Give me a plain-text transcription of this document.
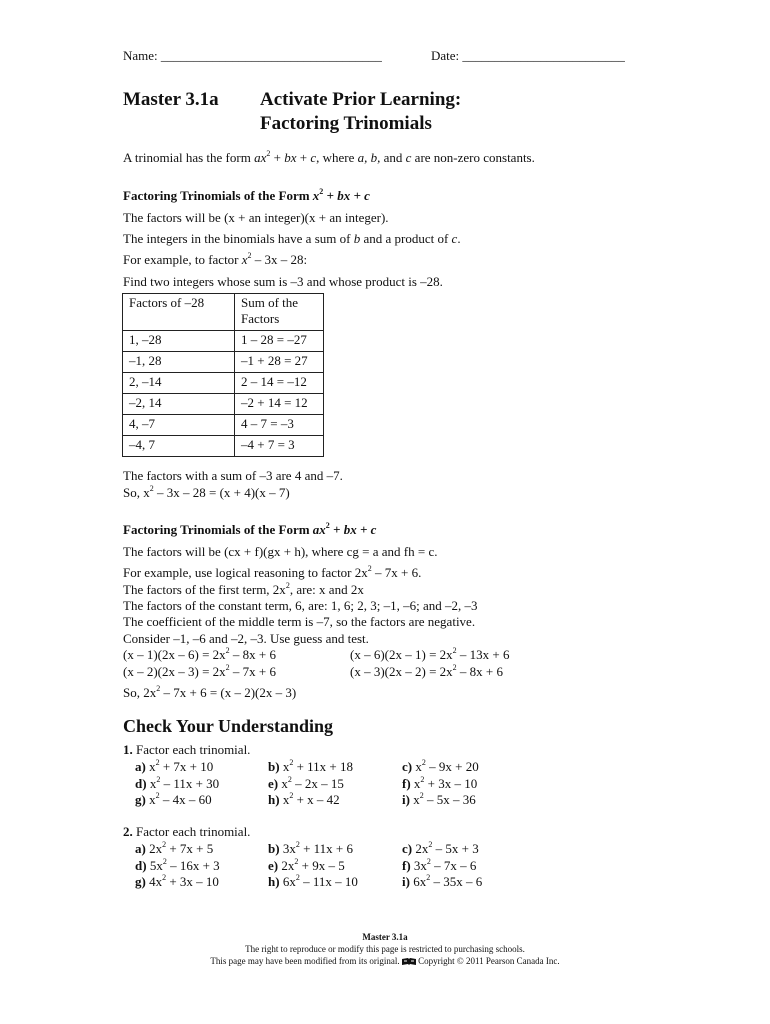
Name: __________________________________	Date: _________________________
Master 3.1a Activate Prior Learning:
Factoring Trinomials
A trinomial has the form $ax^2$ + bx + c, where a, b, and c are non-zero constants.
Factoring Trinomials of the Form $x^2$ + bx + c
The factors will be (x + an integer)(x + an integer).
The integers in the binomials have a sum of b and a product of c.
For example, to factor $x^2 - 3x - 28$:
Find two integers whose sum is –3 and whose product is –28.
Factors of –28	Sum of the
Factors
1, –28	1 – 28 = –27
–1, 28	–1 + 28 = 27
2, –14	2 – 14 = –12
–2, 14	–2 + 14 = 12
4, –7	4 – 7 = –3
–4, 7	–4 + 7 = 3
The factors with a sum of –3 are 4 and –7.
So, $x^2 - 3x - 28 = (x + 4)(x - 7)$
Factoring Trinomials of the Form $ax^2$ + bx + c
The factors will be (cx + f)(gx + h), where cg = a and fh = c.
For example, use logical reasoning to factor $2x^2 - 7x + 6$.
The factors of the first term, $2x^2$, are: x and 2x
The factors of the constant term, 6, are: 1, 6; 2, 3; –1, –6; and –2, –3
The coefficient of the middle term is –7, so the factors are negative.
Consider –1, –6 and –2, –3. Use guess and test.
$(x - 1)(2x - 6) = 2x^2 - 8x + 6$	$(x - 6)(2x - 1) = 2x^2 - 13x + 6$
$(x - 2)(2x - 3) = 2x^2 - 7x + 6$	$(x - 3)(2x - 2) = 2x^2 - 8x + 6$
So, $2x^2 - 7x + 6 = (x - 2)(2x - 3)$
Check Your Understanding
1. Factor each trinomial.
a) $x^2 + 7x + 10$	b) $x^2 + 11x + 18$	c) $x^2 - 9x + 20$
d) $x^2 - 11x + 30$	e) $x^2 - 2x - 15$	f) $x^2 + 3x - 10$
g) $x^2 - 4x - 60$	h) $x^2 + x - 42$	i) $x^2 - 5x - 36$
2. Factor each trinomial.
a) $2x^2 + 7x + 5$	b) $3x^2 + 11x + 6$	c) $2x^2 - 5x + 3$
d) $5x^2 - 16x + 3$	e) $2x^2 + 9x - 5$	f) $3x^2 - 7x - 6$
g) $4x^2 + 3x - 10$	h) $6x^2 - 11x - 10$	i) $6x^2 - 35x - 6$
Master 3.1a
The right to reproduce or modify this page is restricted to purchasing schools.
This page may have been modified from its original.  Copyright © 2011 Pearson Canada Inc.
